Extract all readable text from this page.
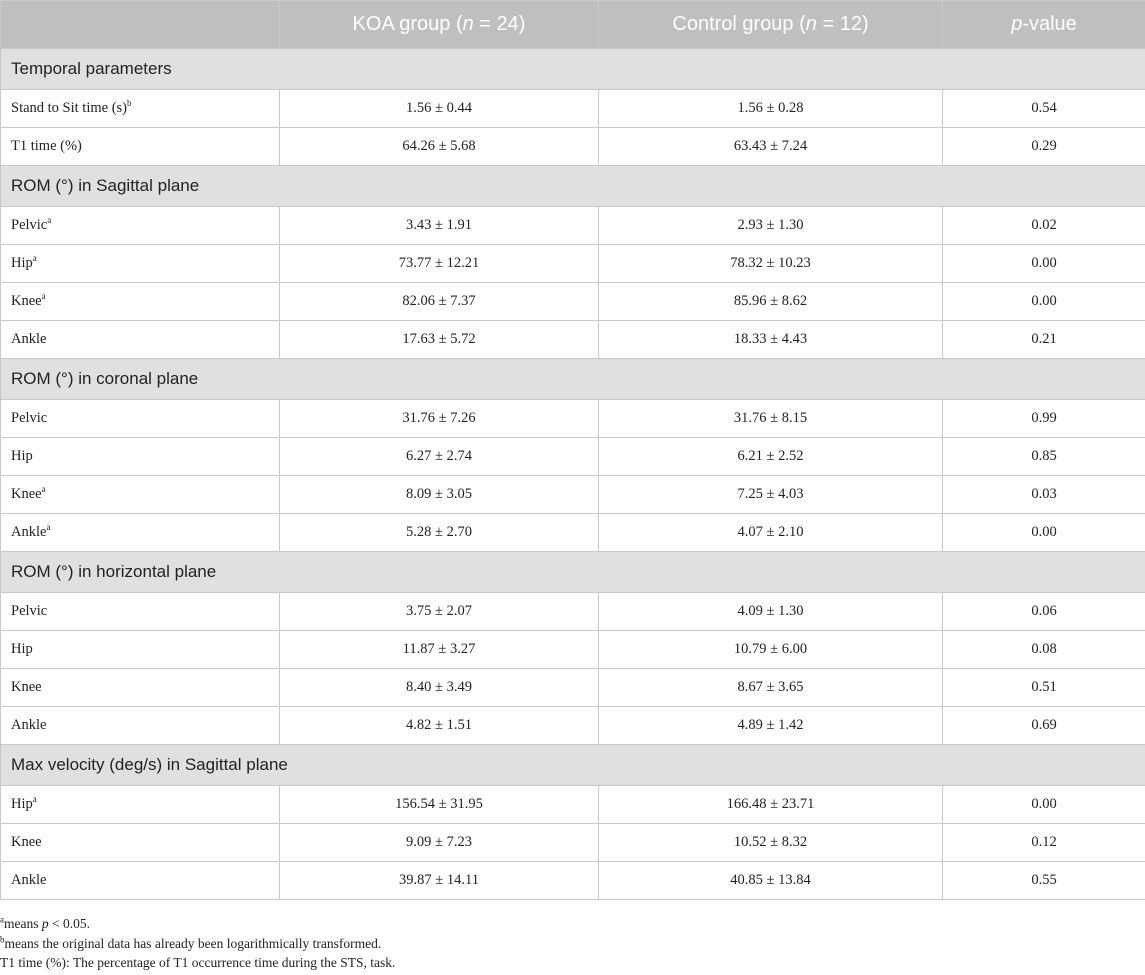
	KOA group (n = 24)	Control group (n = 12)	p-value
Temporal parameters			
Stand to Sit time $(s)^b$	1.56 ± 0.44	1.56 ± 0.28	0.54
T1 time (%)	64.26 ± 5.68	63.43 ± 7.24	0.29
ROM (°) in Sagittal plane			
Pelvic$^a$	3.43 ± 1.91	2.93 ± 1.30	0.02
Hip$^a$	73.77 ± 12.21	78.32 ± 10.23	0.00
Knee$^a$	82.06 ± 7.37	85.96 ± 8.62	0.00
Ankle	17.63 ± 5.72	18.33 ± 4.43	0.21
ROM (°) in coronal plane			
Pelvic	31.76 ± 7.26	31.76 ± 8.15	0.99
Hip	6.27 ± 2.74	6.21 ± 2.52	0.85
Knee$^a$	8.09 ± 3.05	7.25 ± 4.03	0.03
Ankle$^a$	5.28 ± 2.70	4.07 ± 2.10	0.00
ROM (°) in horizontal plane			
Pelvic	3.75 ± 2.07	4.09 ± 1.30	0.06
Hip	11.87 ± 3.27	10.79 ± 6.00	0.08
Knee	8.40 ± 3.49	8.67 ± 3.65	0.51
Ankle	4.82 ± 1.51	4.89 ± 1.42	0.69
Max velocity (deg/s) in Sagittal plane			
Hip$^a$	156.54 ± 31.95	166.48 ± 23.71	0.00
Knee	9.09 ± 7.23	10.52 ± 8.32	0.12
Ankle	39.87 ± 14.11	40.85 ± 13.84	0.55
$^a$means p < 0.05.
$^b$means the original data has already been logarithmically transformed.
T1 time (%): The percentage of T1 occurrence time during the STS, task.
